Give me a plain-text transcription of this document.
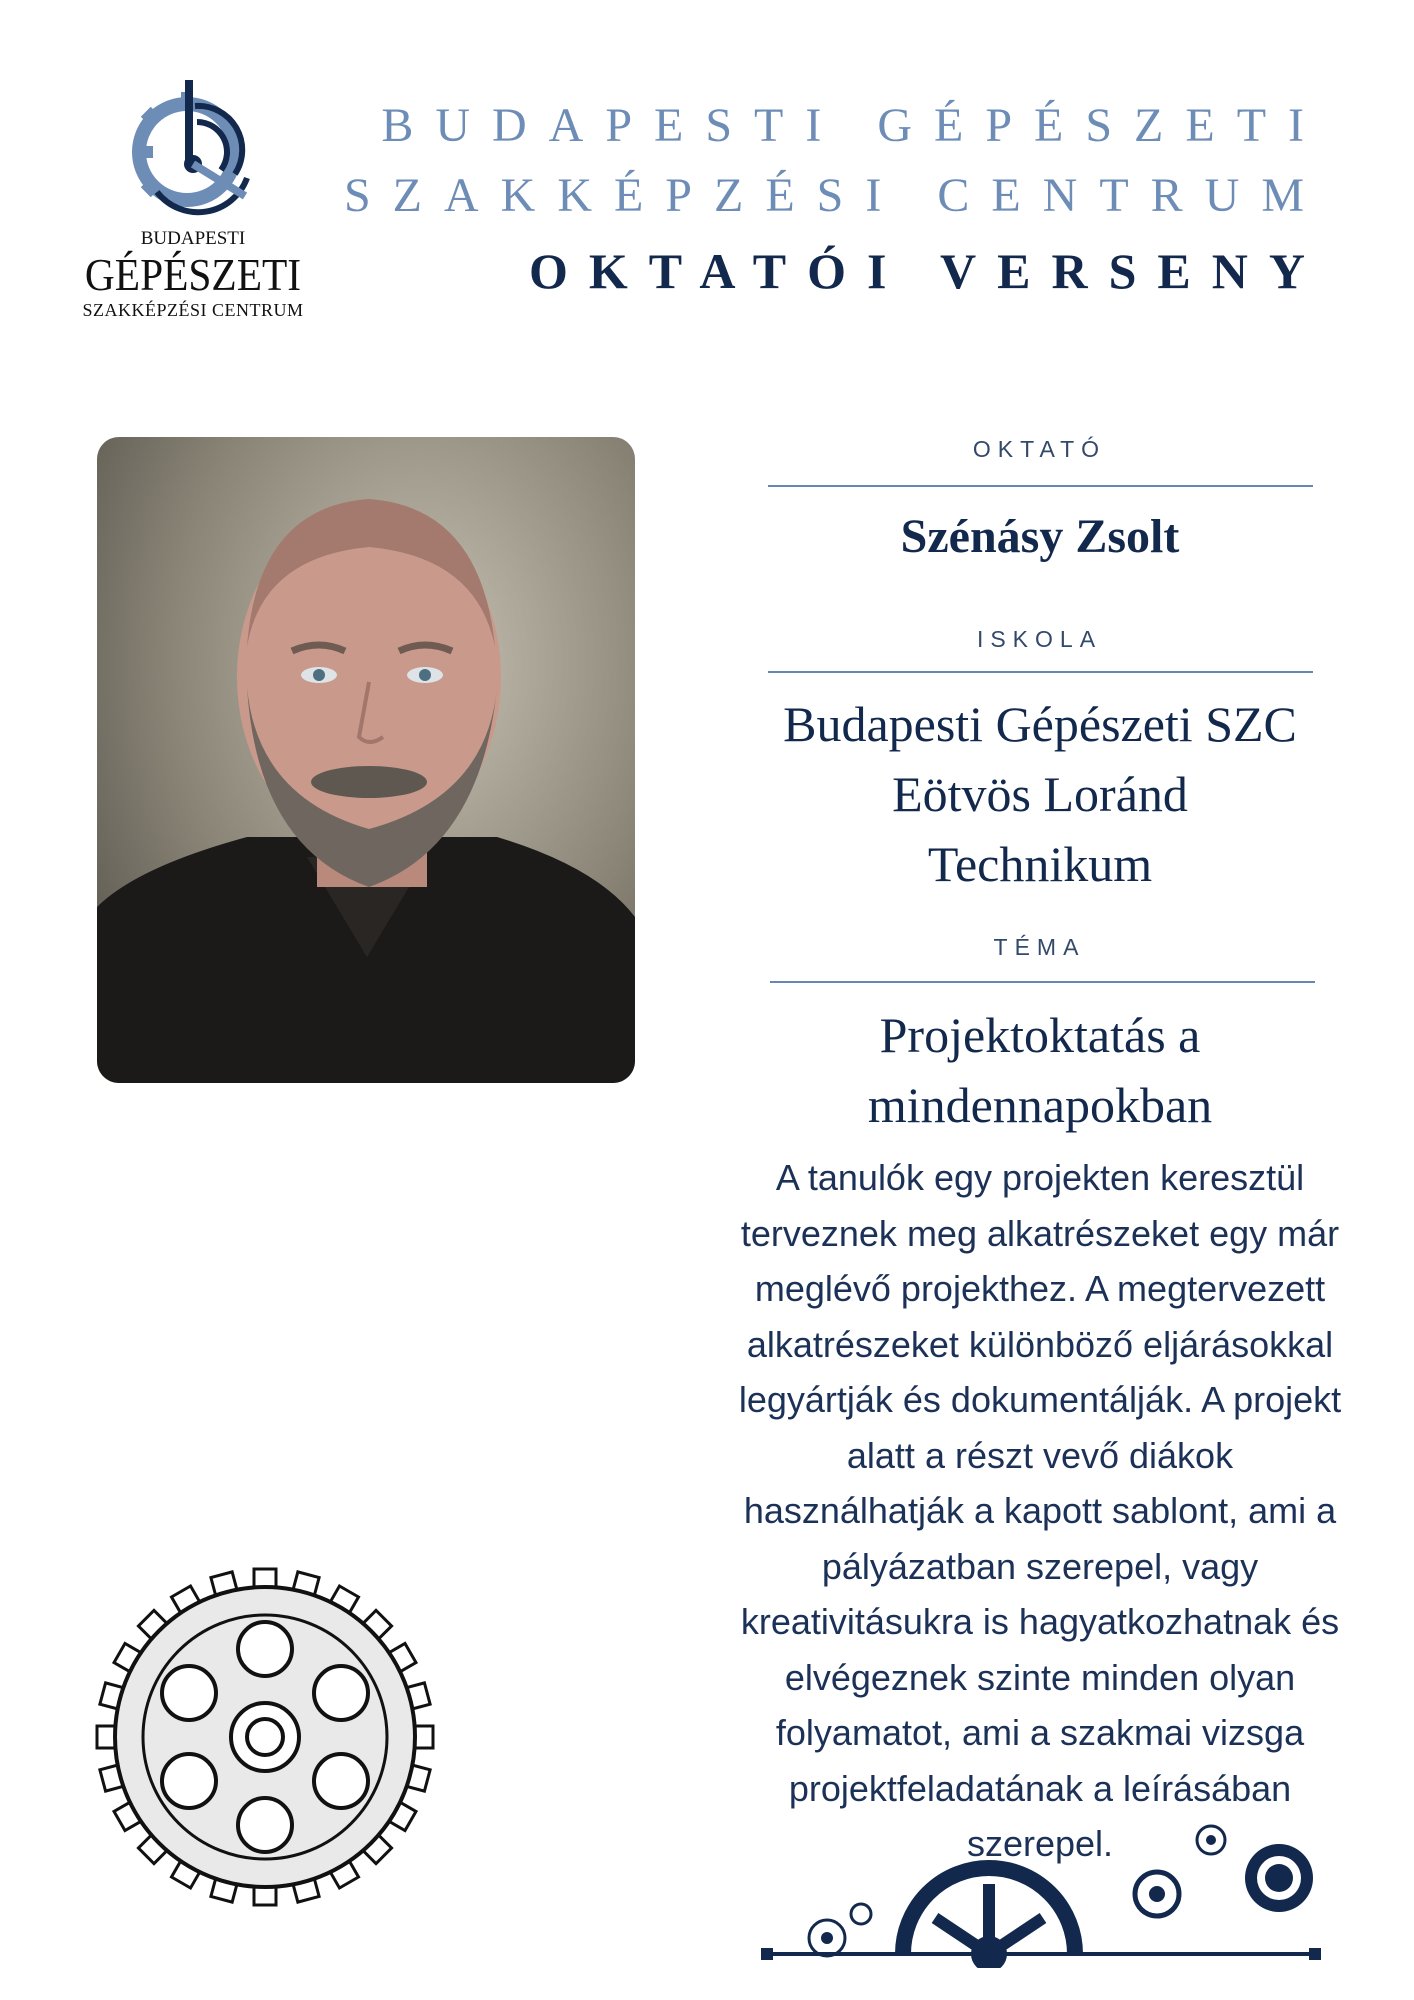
BUDAPESTI
GÉPÉSZETI
SZAKKÉPZÉSI CENTRUM
BUDAPESTI GÉPÉSZETI
SZAKKÉPZÉSI CENTRUM
OKTATÓI VERSENY
OKTATÓ
Szénásy Zsolt
ISKOLA
Budapesti Gépészeti SZC
Eötvös Loránd
Technikum
TÉMA
Projektoktatás a
mindennapokban
A tanulók egy projekten keresztül
terveznek meg alkatrészeket egy már
meglévő projekthez. A megtervezett
alkatrészeket különböző eljárásokkal
legyártják és dokumentálják. A projekt
alatt a részt vevő diákok
használhatják a kapott sablont, ami a
pályázatban szerepel, vagy
kreativitásukra is hagyatkozhatnak és
elvégeznek szinte minden olyan
folyamatot, ami a szakmai vizsga
projektfeladatának a leírásában
szerepel.
